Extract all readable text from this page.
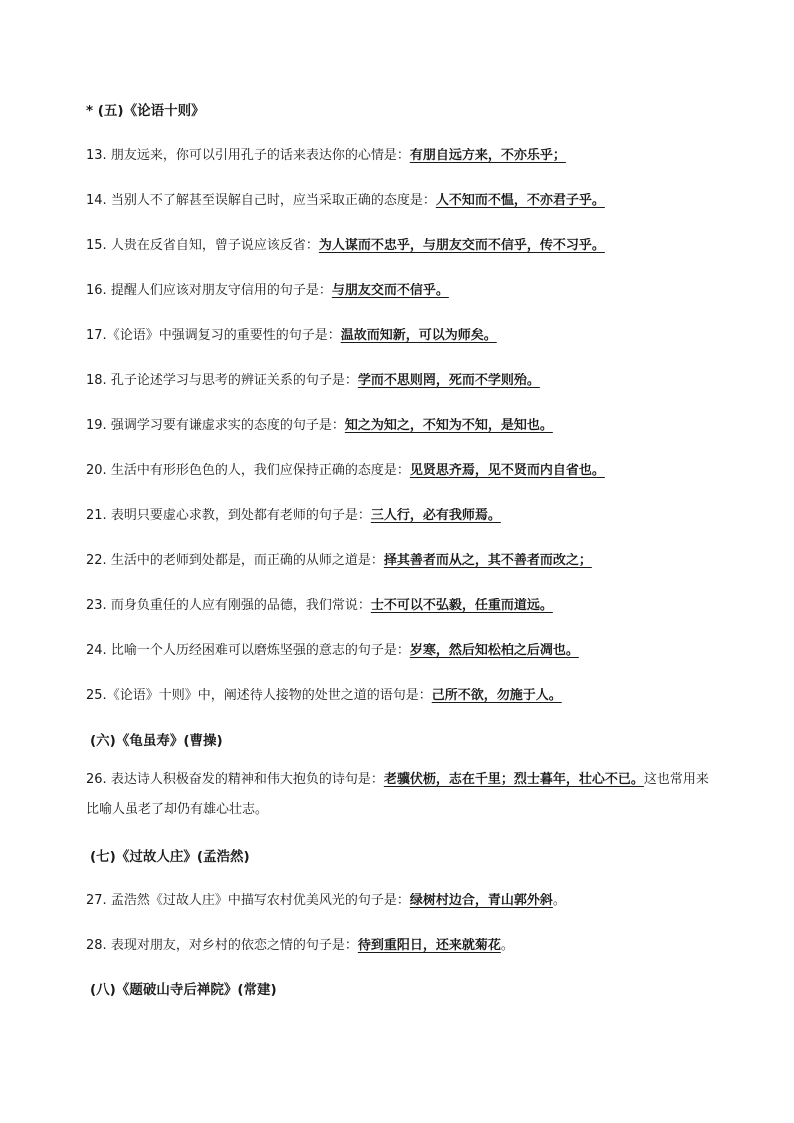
* (五)《论语十则》
13. 朋友远来，你可以引用孔子的话来表达你的心情是：有朋自远方来，不亦乐乎；
14. 当别人不了解甚至误解自己时，应当采取正确的态度是：人不知而不愠，不亦君子乎。
15. 人贵在反省自知，曾子说应该反省：为人谋而不忠乎，与朋友交而不信乎，传不习乎。
16. 提醒人们应该对朋友守信用的句子是：与朋友交而不信乎。
17.《论语》中强调复习的重要性的句子是：温故而知新，可以为师矣。
18. 孔子论述学习与思考的辨证关系的句子是：学而不思则罔，死而不学则殆。
19. 强调学习要有谦虚求实的态度的句子是：知之为知之，不知为不知，是知也。
20. 生活中有形形色色的人，我们应保持正确的态度是：见贤思齐焉，见不贤而内自省也。
21. 表明只要虚心求教，到处都有老师的句子是：三人行，必有我师焉。
22. 生活中的老师到处都是，而正确的从师之道是：择其善者而从之，其不善者而改之；
23. 而身负重任的人应有刚强的品德，我们常说：士不可以不弘毅，任重而道远。
24. 比喻一个人历经困难可以磨炼坚强的意志的句子是：岁寒，然后知松柏之后凋也。
25.《论语》十则》中，阐述待人接物的处世之道的语句是：己所不欲，勿施于人。
(六)《龟虽寿》(曹操)
26. 表达诗人积极奋发的精神和伟大抱负的诗句是：老骥伏枥，志在千里；烈士暮年，壮心不已。这也常用来比喻人虽老了却仍有雄心壮志。
(七)《过故人庄》(孟浩然)
27. 孟浩然《过故人庄》中描写农村优美风光的句子是：绿树村边合，青山郭外斜。
28. 表现对朋友，对乡村的依恋之情的句子是：待到重阳日，还来就菊花。
(八)《题破山寺后禅院》(常建)
